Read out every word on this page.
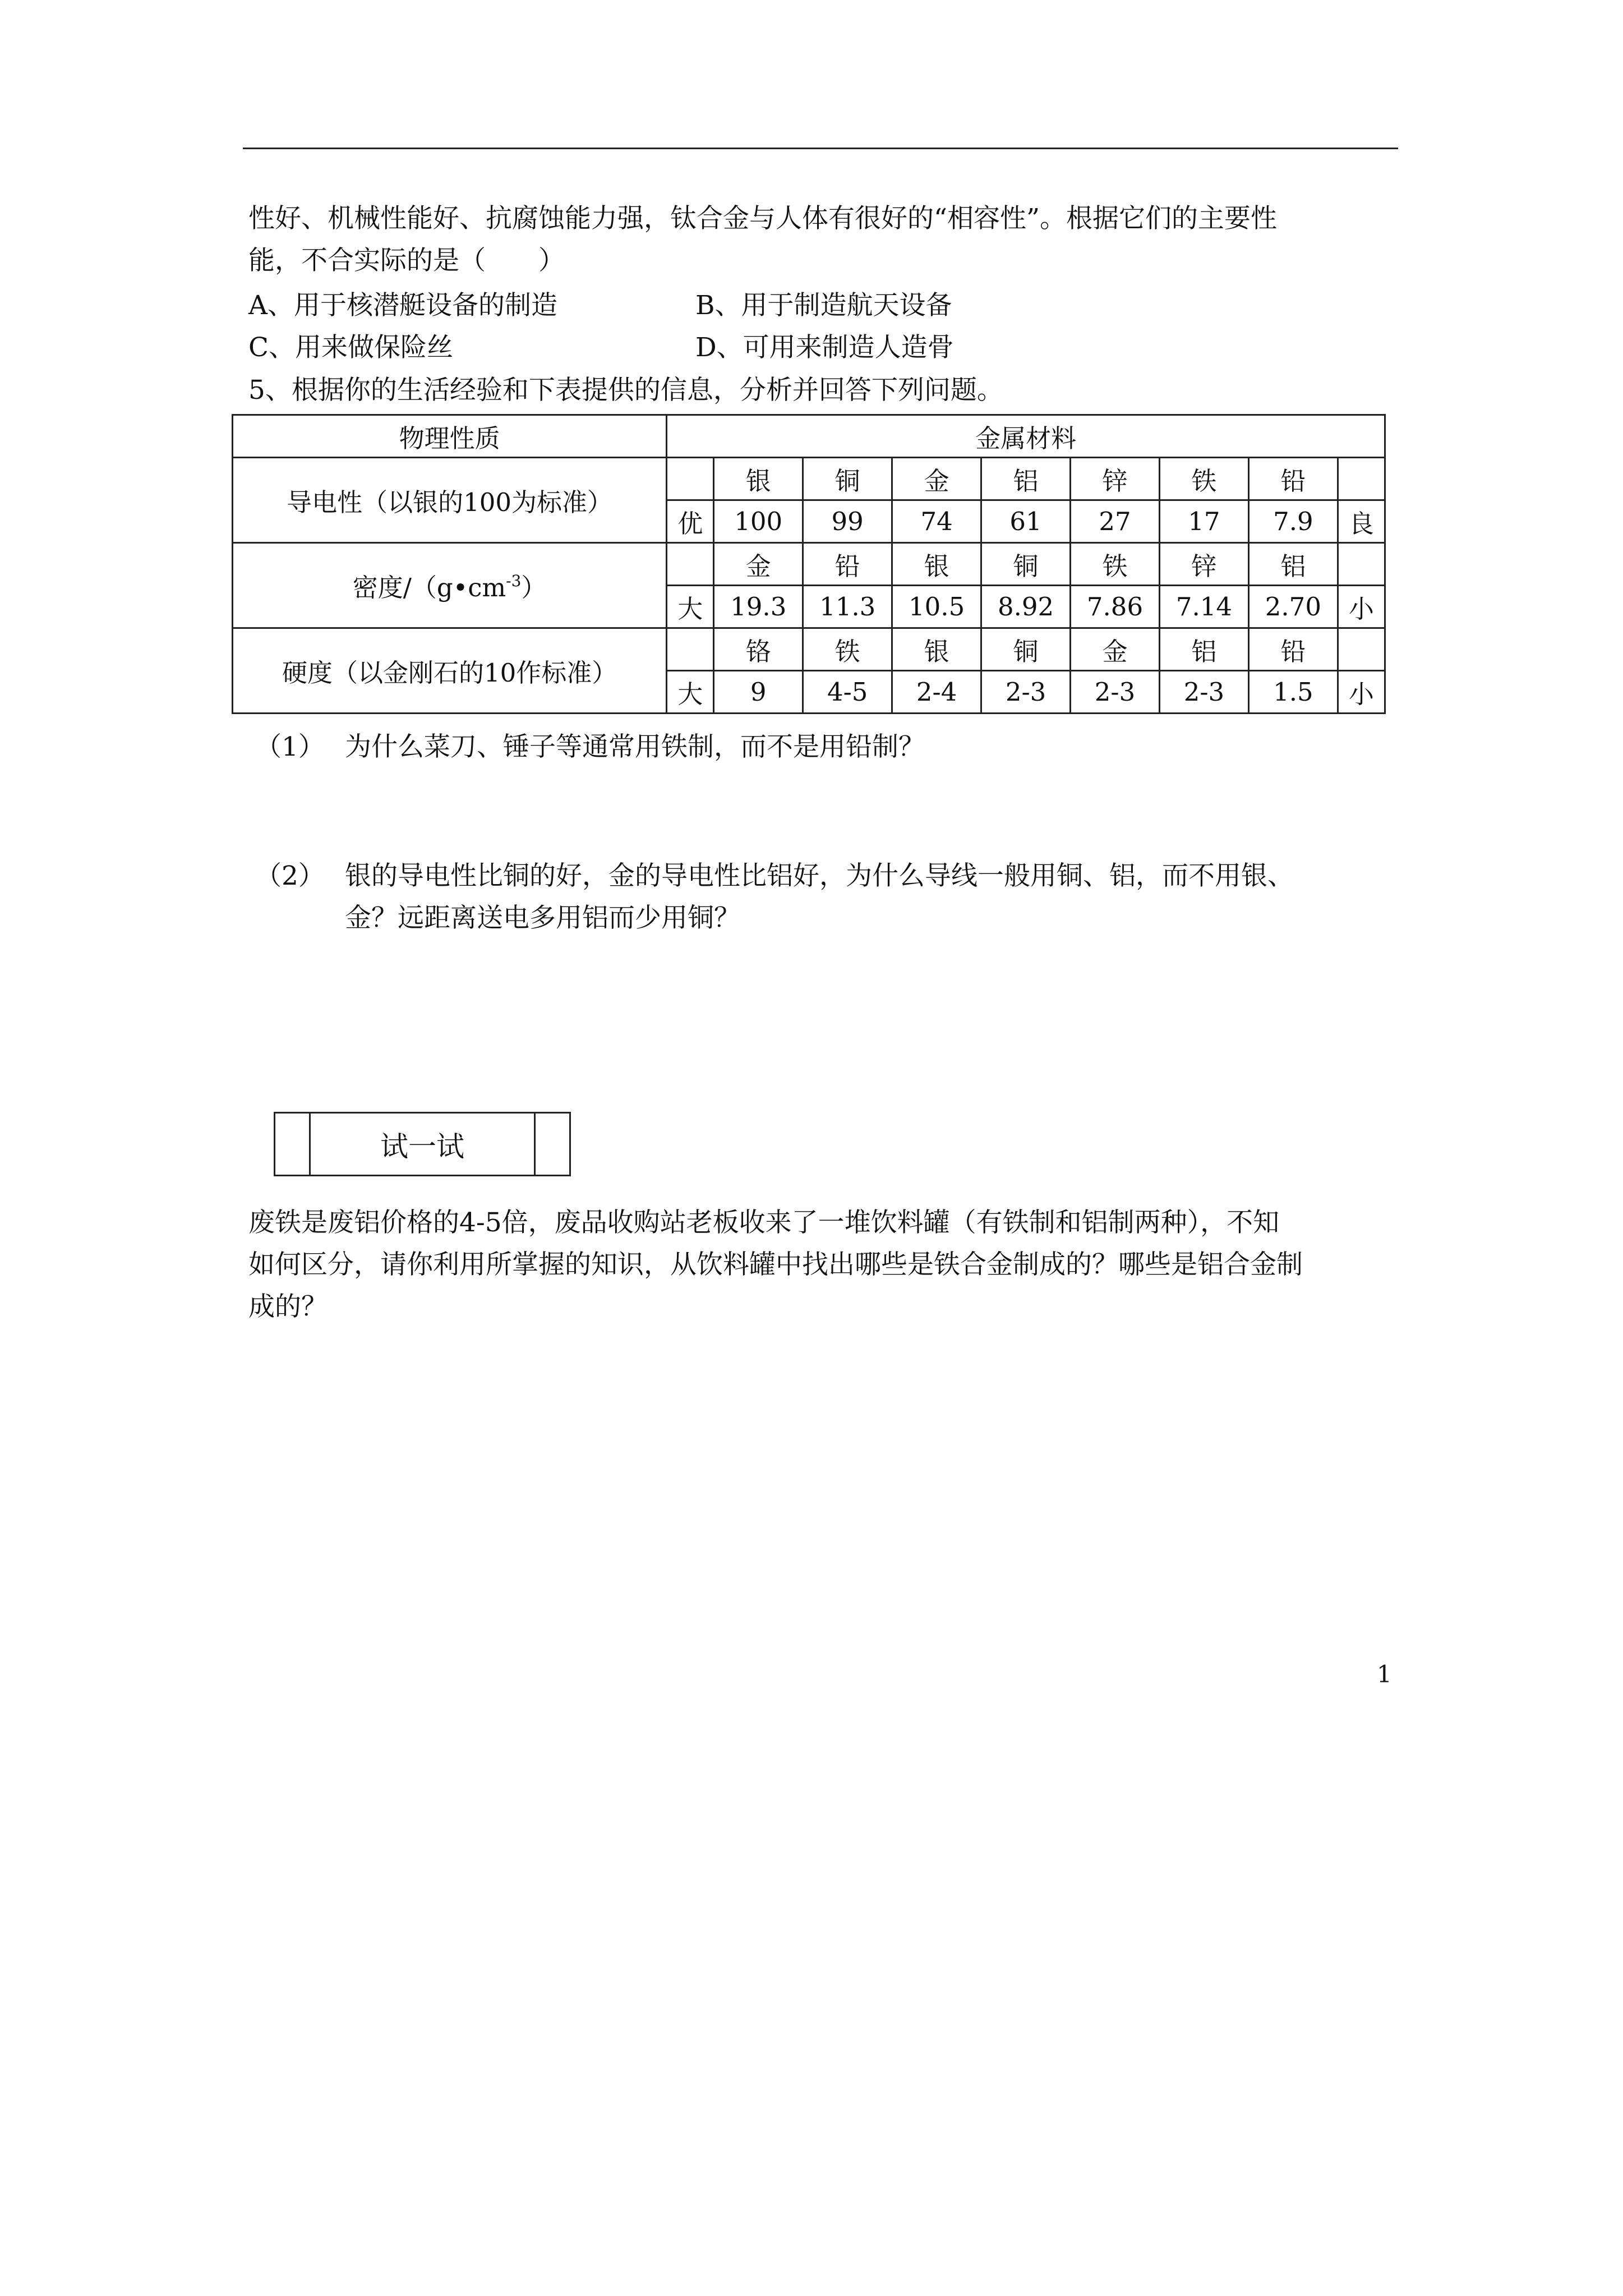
性好、机械性能好、抗腐蚀能力强，钛合金与人体有很好的“相容性”。根据它们的主要性
能，不合实际的是（　　）
A、用于核潜艇设备的制造	B、用于制造航天设备
C、用来做保险丝	D、可用来制造人造骨
5、根据你的生活经验和下表提供的信息，分析并回答下列问题。
物理性质	金属材料								
导电性（以银的100为标准）		银	铜	金	铝	锌	铁	铅	
	优	100	99	74	61	27	17	7.9	良
密度$/(g•cm^{-3})$		金	铅	银	铜	铁	锌	铝	
	大	19.3	11.3	10.5	8.92	7.86	7.14	2.70	小
硬度（以金刚石的10作标准）		铬	铁	银	铜	金	铝	铅	
	大	9	4-5	2-4	2-3	2-3	2-3	1.5	小
（1） 为什么菜刀、锤子等通常用铁制，而不是用铅制？
（2） 银的导电性比铜的好，金的导电性比铝好，为什么导线一般用铜、铝，而不用银、
金？远距离送电多用铝而少用铜？
试一试
废铁是废铝价格的4-5倍，废品收购站老板收来了一堆饮料罐（有铁制和铝制两种），不知
如何区分，请你利用所掌握的知识，从饮料罐中找出哪些是铁合金制成的？哪些是铝合金制
成的？
1
